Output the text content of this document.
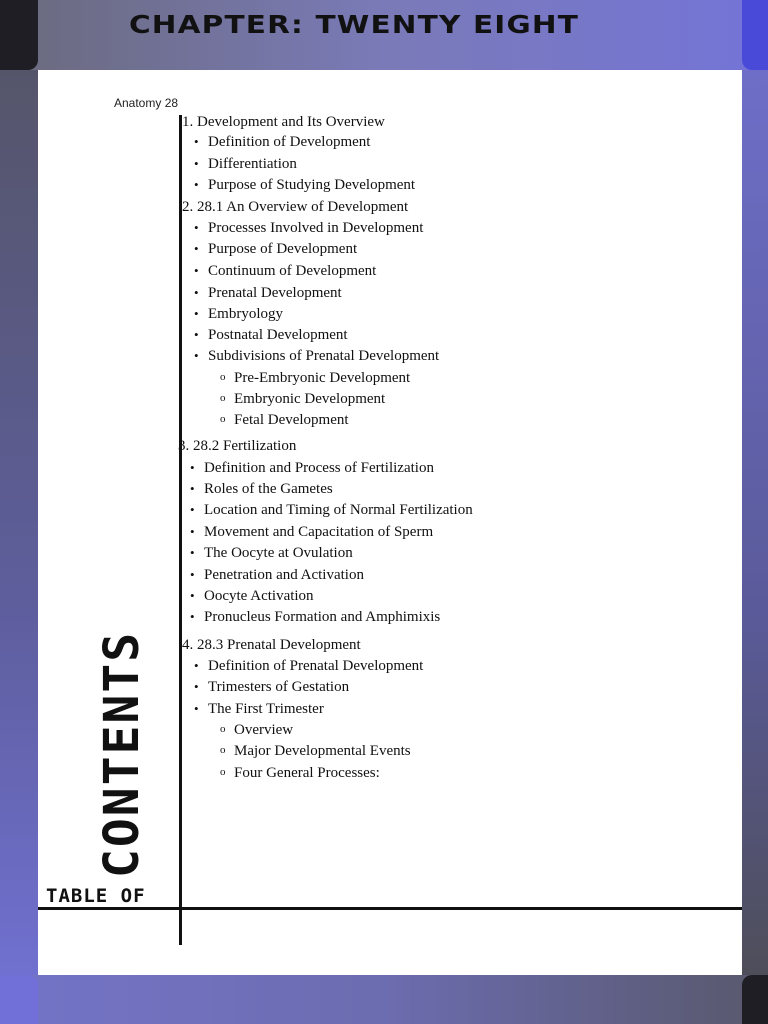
CHAPTER: TWENTY EIGHT
Anatomy 28
CONTENTS
TABLE OF
1. Development and Its Overview
• Definition of Development
• Differentiation
• Purpose of Studying Development
2. 28.1 An Overview of Development
• Processes Involved in Development
• Purpose of Development
• Continuum of Development
• Prenatal Development
• Embryology
• Postnatal Development
• Subdivisions of Prenatal Development
o Pre-Embryonic Development
o Embryonic Development
o Fetal Development
3. 28.2 Fertilization
• Definition and Process of Fertilization
• Roles of the Gametes
• Location and Timing of Normal Fertilization
• Movement and Capacitation of Sperm
• The Oocyte at Ovulation
• Penetration and Activation
• Oocyte Activation
• Pronucleus Formation and Amphimixis
4. 28.3 Prenatal Development
• Definition of Prenatal Development
• Trimesters of Gestation
• The First Trimester
o Overview
o Major Developmental Events
o Four General Processes:
